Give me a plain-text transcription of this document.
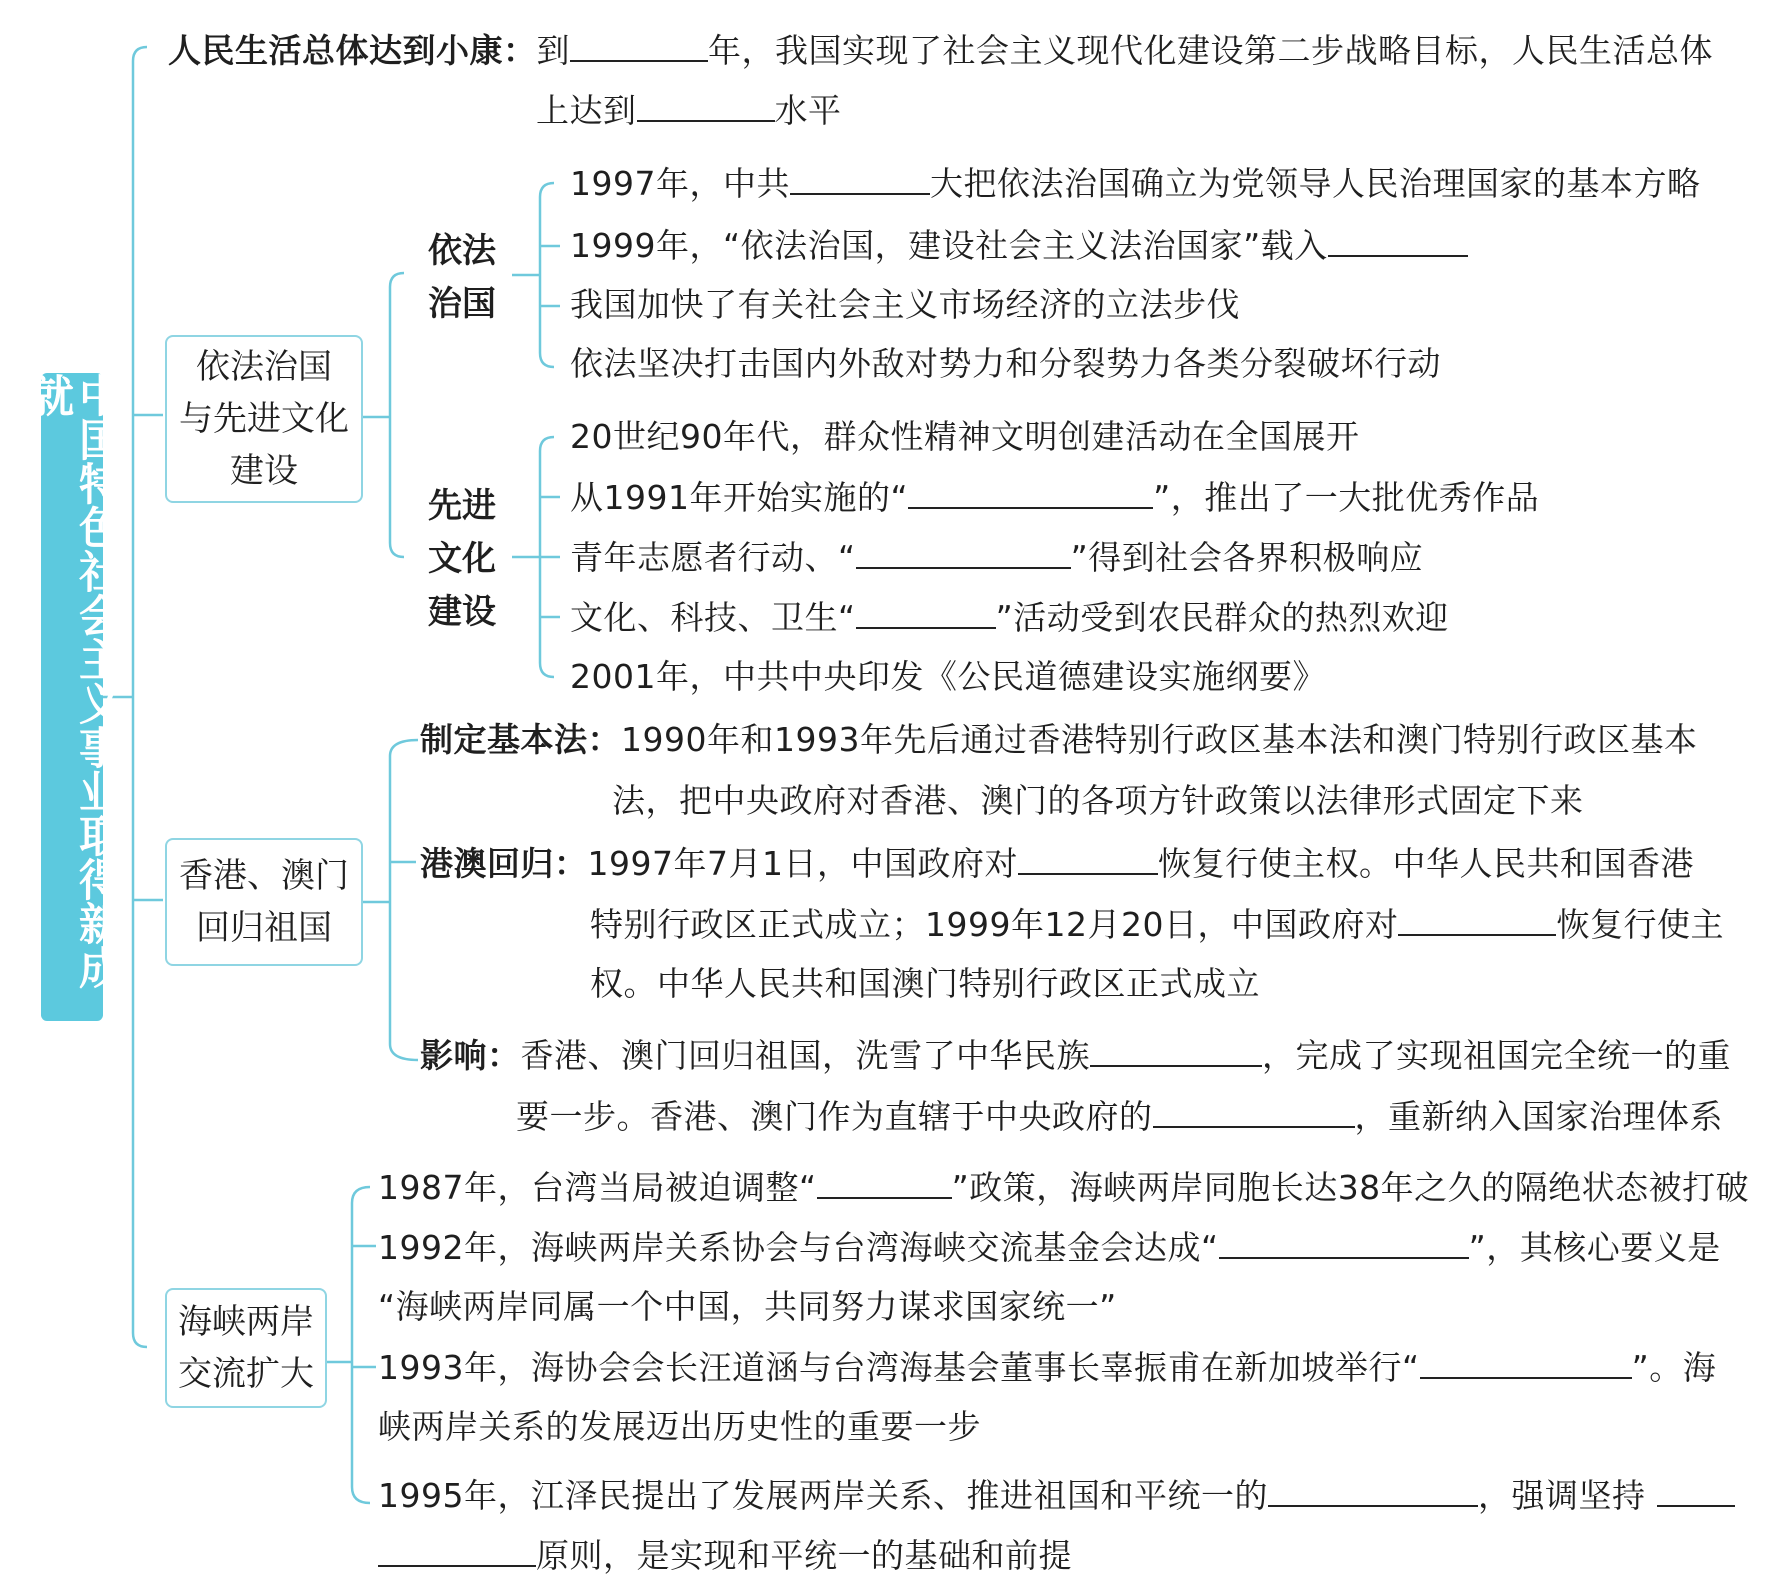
中国特色社会主义事业取得新成就
人民生活总体达到小康：到	年，我国实现了社会主义现代化建设第二步战略目标，人民生活总体
上达到	水平
依法治国
与先进文化
建设
依法
治国
1997年，中共	大把依法治国确立为党领导人民治理国家的基本方略
1999年，“依法治国，建设社会主义法治国家”载入
我国加快了有关社会主义市场经济的立法步伐
依法坚决打击国内外敌对势力和分裂势力各类分裂破坏行动
先进
文化
建设
20世纪90年代，群众性精神文明创建活动在全国展开
从1991年开始实施的“	”，推出了一大批优秀作品
青年志愿者行动、“	”得到社会各界积极响应
文化、科技、卫生“	”活动受到农民群众的热烈欢迎
2001年，中共中央印发《公民道德建设实施纲要》
香港、澳门
回归祖国
制定基本法：1990年和1993年先后通过香港特别行政区基本法和澳门特别行政区基本
法，把中央政府对香港、澳门的各项方针政策以法律形式固定下来
港澳回归：1997年7月1日，中国政府对	恢复行使主权。中华人民共和国香港
特别行政区正式成立；1999年12月20日，中国政府对	恢复行使主
权。中华人民共和国澳门特别行政区正式成立
影响：香港、澳门回归祖国，洗雪了中华民族	，完成了实现祖国完全统一的重
要一步。香港、澳门作为直辖于中央政府的	，重新纳入国家治理体系
海峡两岸
交流扩大
1987年，台湾当局被迫调整“	”政策，海峡两岸同胞长达38年之久的隔绝状态被打破
1992年，海峡两岸关系协会与台湾海峡交流基金会达成“	”，其核心要义是
“海峡两岸同属一个中国，共同努力谋求国家统一”
1993年，海协会会长汪道涵与台湾海基会董事长辜振甫在新加坡举行“	”。海
峡两岸关系的发展迈出历史性的重要一步
1995年，江泽民提出了发展两岸关系、推进祖国和平统一的	，强调坚持
原则，是实现和平统一的基础和前提
